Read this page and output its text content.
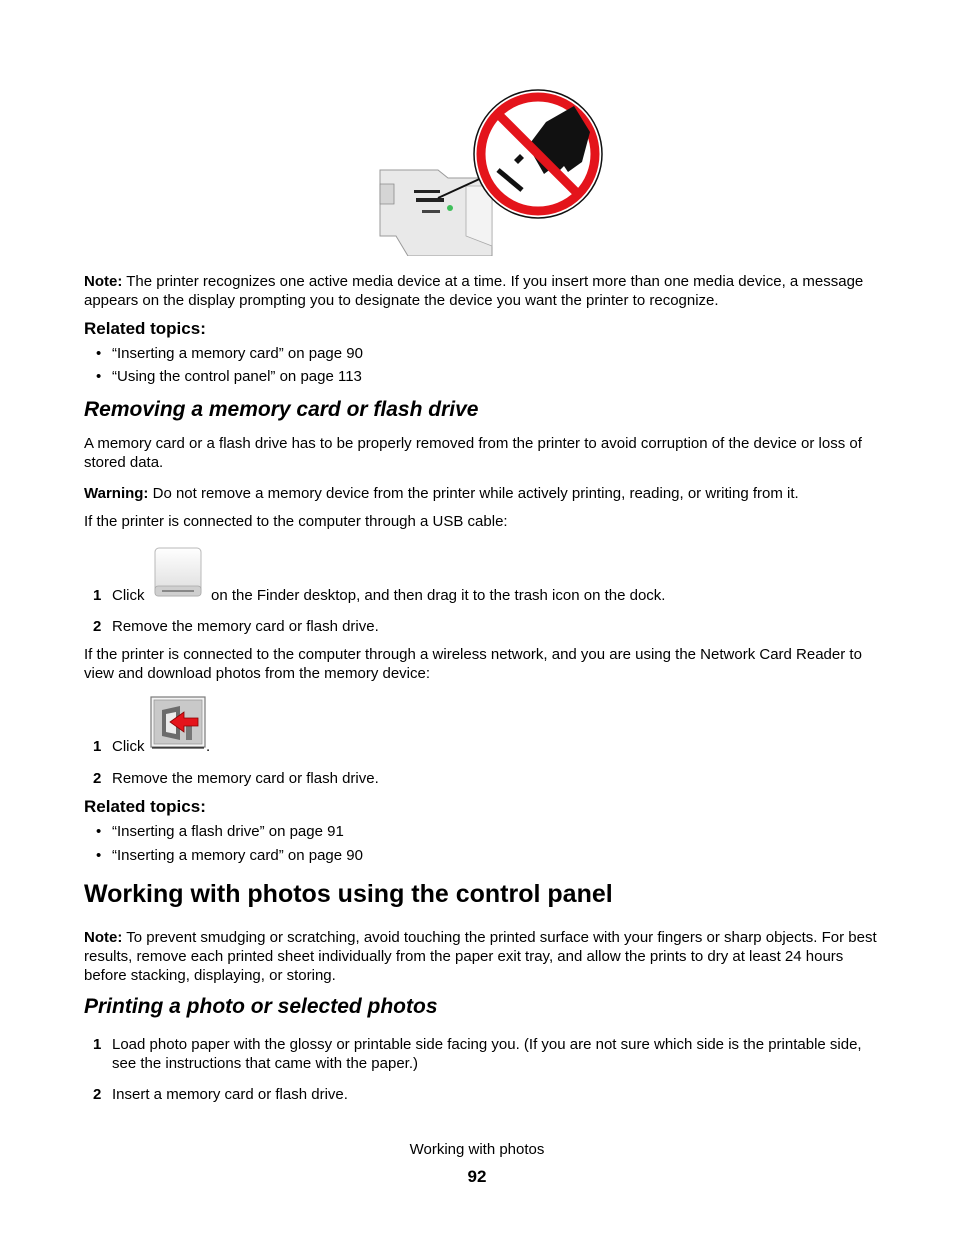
Note: The printer recognizes one active media device at a time. If you insert more than one media device, a message appears on the display prompting you to designate the device you want the printer to recognize.
Related topics:
• “Inserting a memory card” on page 90
• “Using the control panel” on page 113
Removing a memory card or flash drive
A memory card or a flash drive has to be properly removed from the printer to avoid corruption of the device or loss of stored data.
Warning: Do not remove a memory device from the printer while actively printing, reading, or writing from it.
If the printer is connected to the computer through a USB cable:
1 Click	on the Finder desktop, and then drag it to the trash icon on the dock.
2 Remove the memory card or flash drive.
If the printer is connected to the computer through a wireless network, and you are using the Network Card Reader to view and download photos from the memory device:
1 Click	.
2 Remove the memory card or flash drive.
Related topics:
• “Inserting a flash drive” on page 91
• “Inserting a memory card” on page 90
Working with photos using the control panel
Note: To prevent smudging or scratching, avoid touching the printed surface with your fingers or sharp objects. For best results, remove each printed sheet individually from the paper exit tray, and allow the prints to dry at least 24 hours before stacking, displaying, or storing.
Printing a photo or selected photos
1 Load photo paper with the glossy or printable side facing you. (If you are not sure which side is the printable side, see the instructions that came with the paper.)
2 Insert a memory card or flash drive.
Working with photos
92
